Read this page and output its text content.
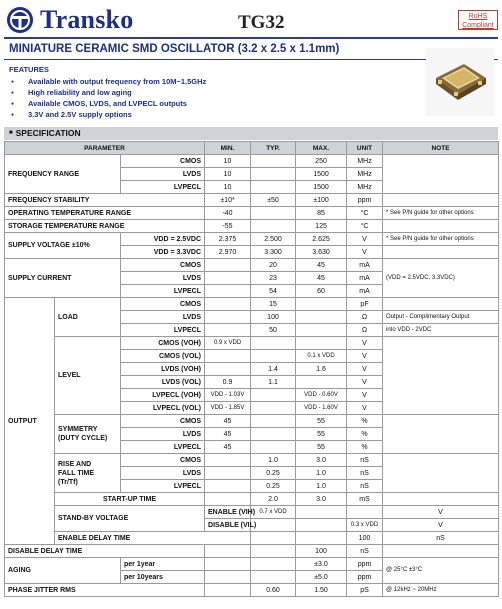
Transko	TG32	RoHS
Compliant
MINIATURE CERAMIC SMD OSCILLATOR (3.2 x 2.5 x 1.1mm)
FEATURES
● Available with output frequency from 10M~1.5GHz
● High reliability and low aging
● Available CMOS, LVDS, and LVPECL outputs
● 3.3V and 2.5V supply options
■ SPECIFICATION
PARAMETER			MIN.	TYP.	MAX.	UNIT	NOTE	
FREQUENCY RANGE		CMOS	10		250	MHz		
		LVDS	10		1500	MHz		
		LVPECL	10		1500	MHz		
FREQUENCY STABILITY			±10*	±50	±100	ppm		
OPERATING TEMPERATURE RANGE			-40		85	°C	* See P/N guide for other options	
STORAGE TEMPERATURE RANGE			-55		125	°C		
SUPPLY VOLTAGE ±10%		VDD = 2.5VDC	2.375	2.500	2.625	V	* See P/N guide for other options	
		VDD = 3.3VDC	2.970	3.300	3.630	V		
SUPPLY CURRENT		CMOS		20	45	mA	(VDD = 2.5VDC, 3.3VDC)	
		LVDS		23	45	mA		
		LVPECL		54	60	mA		
OUTPUT	LOAD	CMOS		15		pF		
		LVDS		100		Ω	Output - Complimentary Output	
		LVPECL		50		Ω	into VDD - 2VDC	
	LEVEL	CMOS (VOH)	0.9 x VDD			V		
		CMOS (VOL)			0.1 x VDD	V		
		LVDS (VOH)		1.4	1.6	V		
		LVDS (VOL)	0.9	1.1		V		
		LVPECL (VOH)	VDD - 1.03V		VDD - 0.60V	V		
		LVPECL (VOL)	VDD - 1.85V		VDD - 1.60V	V		

	SYMMETRY
(DUTY CYCLE)	CMOS	45		55	%		
		LVDS	45		55	%		
		LVPECL	45		55	%		

	RISE AND
FALL TIME
(Tr/Tf)	CMOS		1.0	3.0	nS		
		LVDS		0.25	1.0	nS		
		LVPECL		0.25	1.0	nS		
	START-UP TIME			2.0	3.0	mS		
	STAND-BY VOLTAGE		ENABLE (VIH)	0.7 x VDD			V	
			DISABLE (VIL)			0.3 x VDD	V	
	ENABLE DELAY TIME					100	nS	
DISABLE DELAY TIME					100	nS		
AGING		per 1year			±3.0	ppm	@ 25°C ±3°C	
		per 10years			±5.0	ppm		
PHASE JITTER RMS				0.60	1.50	pS	@ 12kHz ~ 20MHz	
